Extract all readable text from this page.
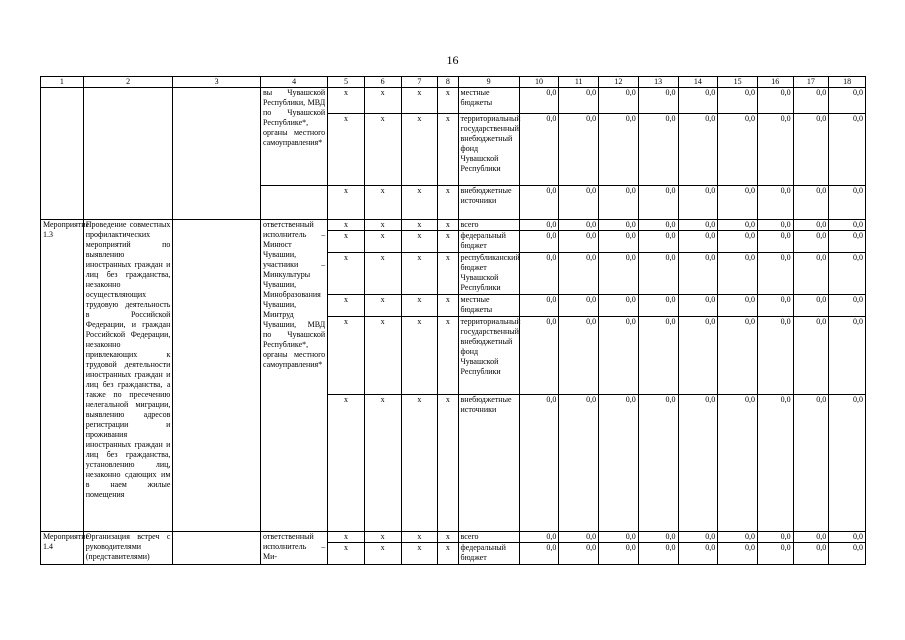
16
1	2	3	4	5	6	7	8	9	10	11	12	13	14	15	16	17	18
			вы Чувашской Республики, МВД по Чувашской Республике*, органы местного самоуправления*	x	x	x	x	местные бюджеты	0,0	0,0	0,0	0,0	0,0	0,0	0,0	0,0	0,0
				x	x	x	x	территориальный государственный внебюджетный фонд Чувашской Республики	0,0	0,0	0,0	0,0	0,0	0,0	0,0	0,0	0,0
				x	x	x	x	внебюджетные источники	0,0	0,0	0,0	0,0	0,0	0,0	0,0	0,0	0,0
Мероприятие 1.3	Проведение совместных профилактических мероприятий по выявлению иностранных граждан и лиц без гражданства, незаконно осуществляющих трудовую деятельность в Российской Федерации, и граждан Российской Федерации, незаконно привлекающих к трудовой деятельности иностранных граждан и лиц без гражданства, а также по пресечению нелегальной миграции, выявлению адресов регистрации и проживания иностранных граждан и лиц без гражданства, установлению лиц, незаконно сдающих им в наем жилые помещения		ответственный исполнитель – Минюст Чувашии, участники – Минкультуры Чувашии, Минобразования Чувашии, Минтруд Чувашии, МВД по Чувашской Республике*, органы местного самоуправления*	x	x	x	x	всего	0,0	0,0	0,0	0,0	0,0	0,0	0,0	0,0	0,0
				x	x	x	x	федеральный бюджет	0,0	0,0	0,0	0,0	0,0	0,0	0,0	0,0	0,0
				x	x	x	x	республиканский бюджет Чувашской Республики	0,0	0,0	0,0	0,0	0,0	0,0	0,0	0,0	0,0
				x	x	x	x	местные бюджеты	0,0	0,0	0,0	0,0	0,0	0,0	0,0	0,0	0,0
				x	x	x	x	территориальный государственный внебюджетный фонд Чувашской Республики	0,0	0,0	0,0	0,0	0,0	0,0	0,0	0,0	0,0
				x	x	x	x	внебюджетные источники	0,0	0,0	0,0	0,0	0,0	0,0	0,0	0,0	0,0
Мероприятие 1.4	Организация встреч с руководителями (представителями)		ответственный исполнитель – Ми-	x	x	x	x	всего	0,0	0,0	0,0	0,0	0,0	0,0	0,0	0,0	0,0
				x	x	x	x	федеральный бюджет	0,0	0,0	0,0	0,0	0,0	0,0	0,0	0,0	0,0
